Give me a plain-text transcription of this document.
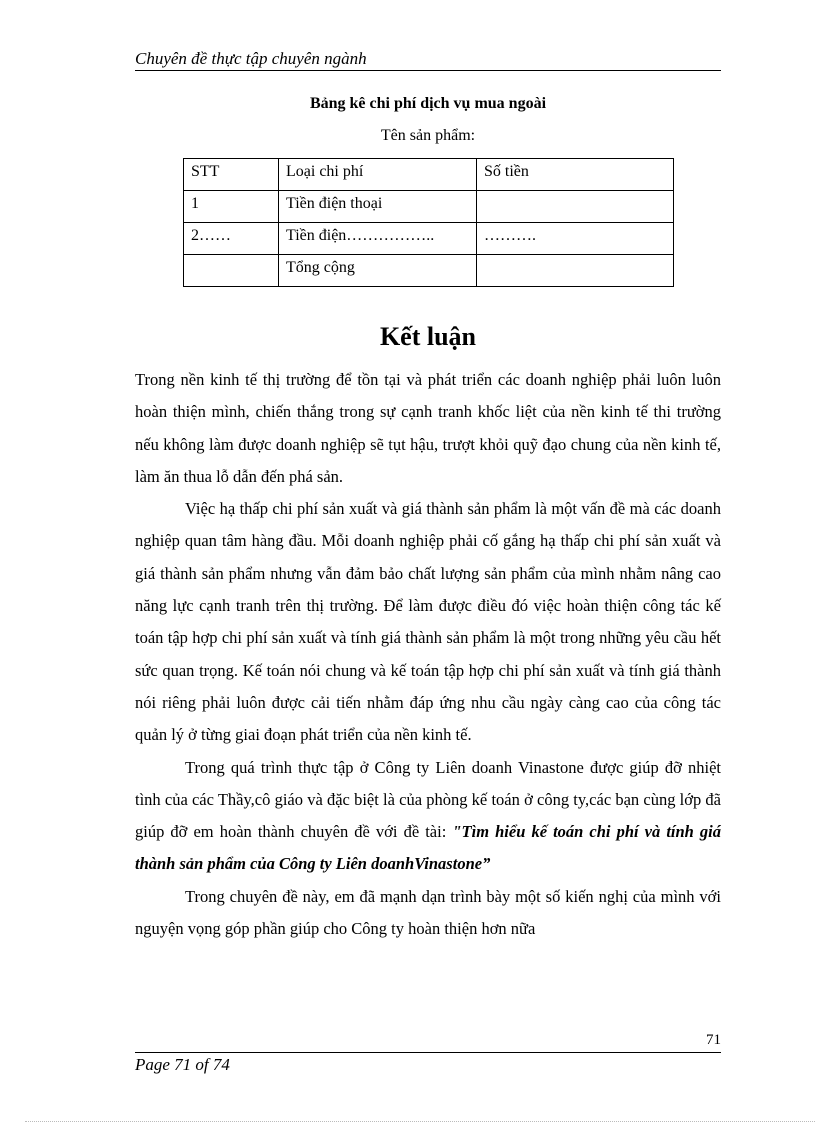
Chuyên đề thực tập chuyên ngành
Bảng kê chi phí dịch vụ mua ngoài
Tên sản phẩm:
STT	Loại chi phí	Số tiền
1	Tiền điện thoại	
2……	Tiền điện……………..	……….
	Tổng cộng	
Kết luận

Trong nền kinh tế thị trường để tồn tại và phát triển các doanh nghiệp phải luôn luôn hoàn thiện mình, chiến thắng trong sự cạnh tranh khốc liệt của nền kinh tế thi trường nếu không làm được doanh nghiệp sẽ tụt hậu, trượt khỏi quỹ đạo chung của nền kinh tế, làm ăn thua lỗ dẫn đến phá sản.

Việc hạ thấp chi phí sản xuất và giá thành sản phẩm là một vấn đề mà các doanh nghiệp quan tâm hàng đầu. Mỗi doanh nghiệp phải cố gắng hạ thấp chi phí sản xuất và giá thành sản phẩm nhưng vẫn đảm bảo chất lượng sản phẩm của mình nhằm nâng cao năng lực cạnh tranh trên thị trường. Để làm được điều đó việc hoàn thiện công tác kế toán tập hợp chi phí sản xuất và tính giá thành sản phẩm là một trong những yêu cầu hết sức quan trọng. Kế toán nói chung và kế toán tập hợp chi phí sản xuất và tính giá thành nói riêng phải luôn được cải tiến nhằm đáp ứng nhu cầu ngày càng cao của công tác quản lý ở từng giai đoạn phát triển của nền kinh tế.

Trong quá trình thực tập ở Công ty Liên doanh Vinastone được giúp đỡ nhiệt tình của các Thầy,cô giáo và đặc biệt là của phòng kế toán ở công ty,các bạn cùng lớp đã giúp đỡ em hoàn thành chuyên đề với đề tài: "Tìm hiểu kế toán chi phí và tính giá thành sản phẩm của Công ty Liên doanhVinastone”

Trong chuyên đề này, em đã mạnh dạn trình bày một số kiến nghị của mình với nguyện vọng góp phần giúp cho Công ty hoàn thiện hơn nữa

71
Page 71 of 74
